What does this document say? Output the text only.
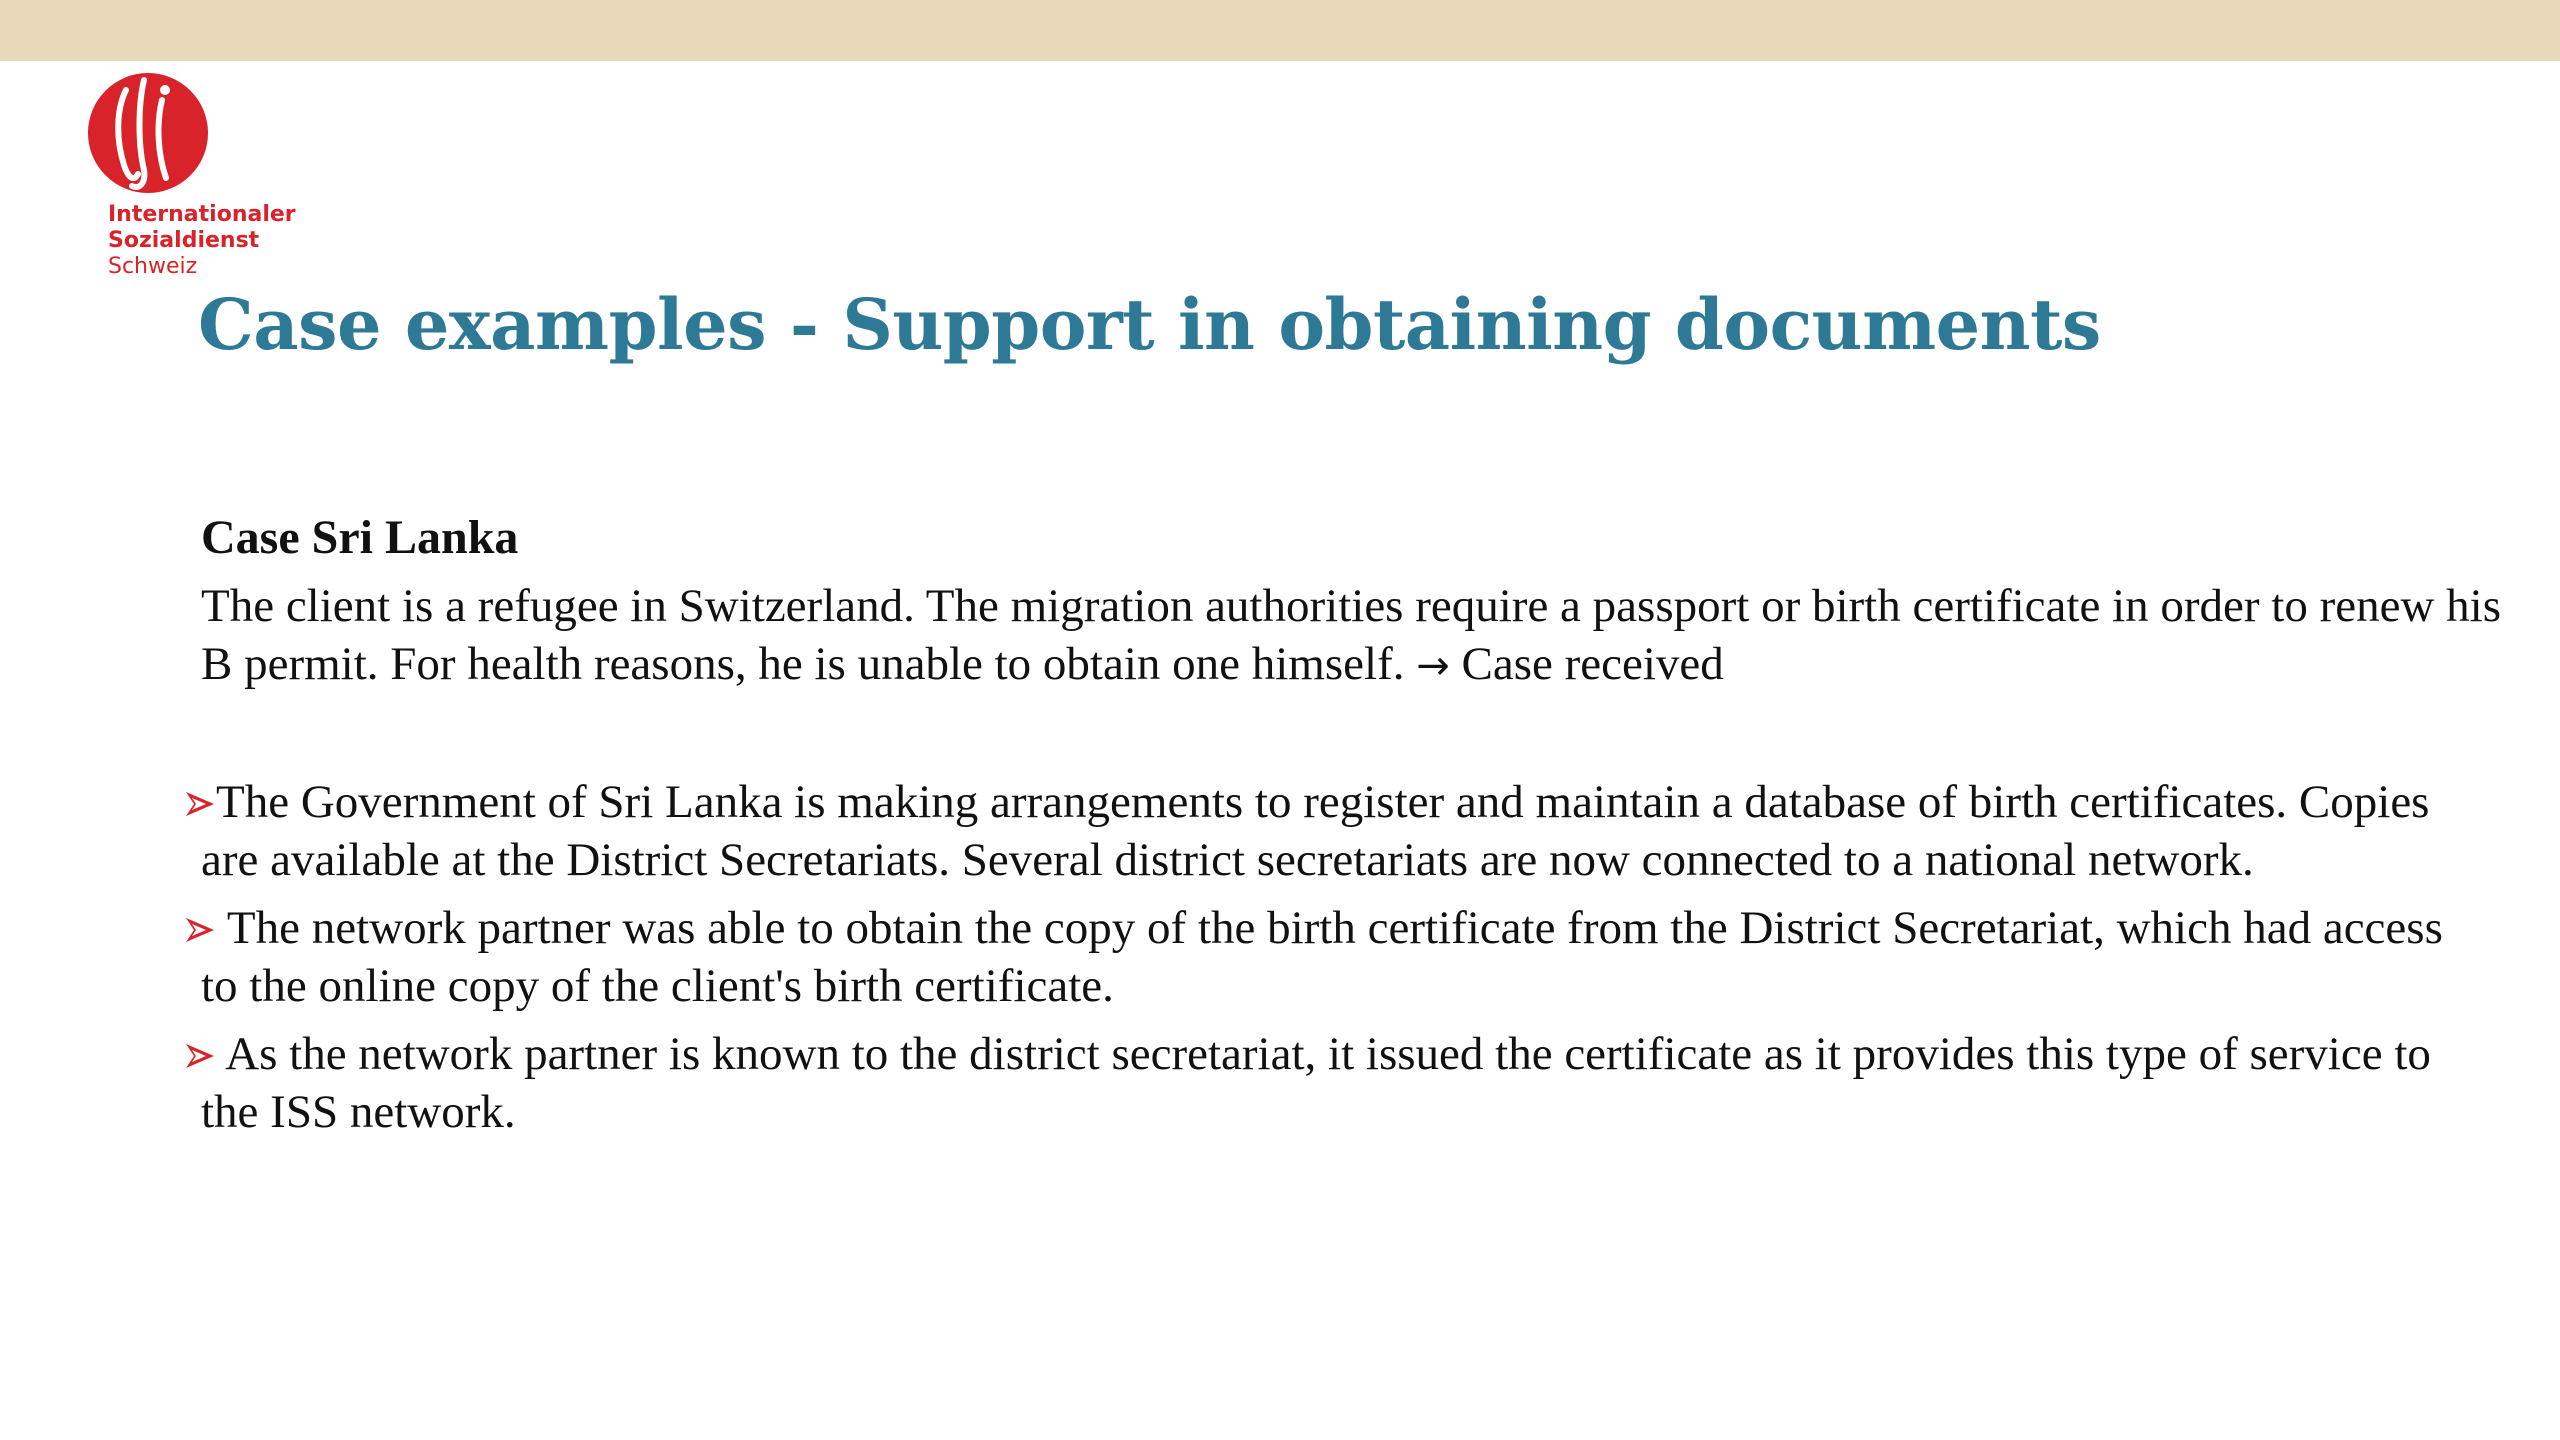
Internationaler
Sozialdienst
Schweiz
Case examples - Support in obtaining documents
Case Sri Lanka

The client is a refugee in Switzerland. The migration authorities require a passport or birth certificate in order to renew his B permit. For health reasons, he is unable to obtain one himself. → Case received

The Government of Sri Lanka is making arrangements to register and maintain a database of birth certificates. Copies are available at the District Secretariats. Several district secretariats are now connected to a national network.
The network partner was able to obtain the copy of the birth certificate from the District Secretariat, which had access to the online copy of the client's birth certificate.
As the network partner is known to the district secretariat, it issued the certificate as it provides this type of service to the ISS network.
